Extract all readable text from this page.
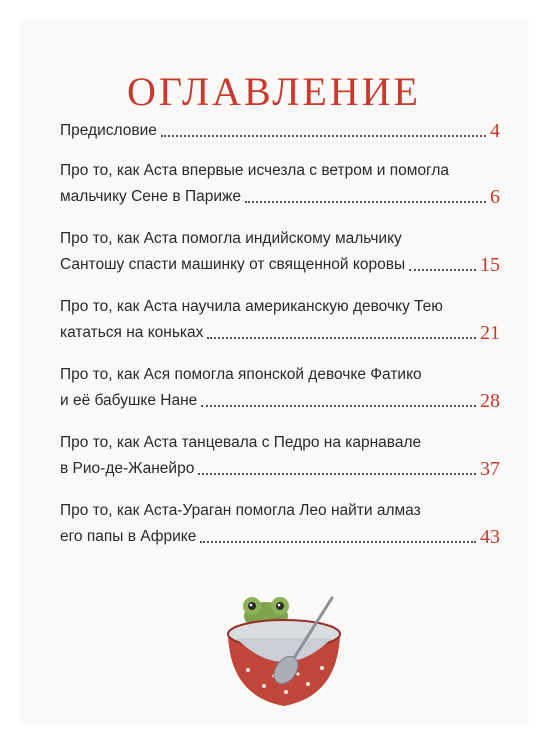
ОГЛАВЛЕНИЕ
Предисловие	4
Про то, как Аста впервые исчезла с ветром и помогла
мальчику Сене в Париже	6
Про то, как Аста помогла индийскому мальчику
Сантошу спасти машинку от священной коровы	15
Про то, как Аста научила американскую девочку Тею
кататься на коньках	21
Про то, как Ася помогла японской девочке Фатико
и её бабушке Нане	28
Про то, как Аста танцевала с Педро на карнавале
в Рио-де-Жанейро	37
Про то, как Аста-Ураган помогла Лео найти алмаз
его папы в Африке	43
